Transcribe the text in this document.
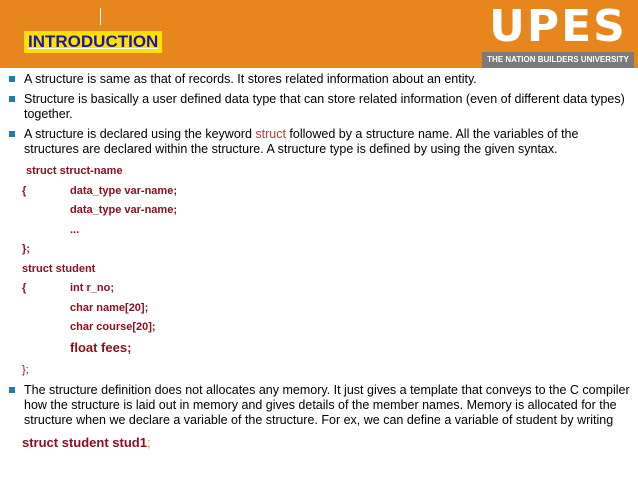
INTRODUCTION	UPES
THE NATION BUILDERS UNIVERSITY
A structure is same as that of records. It stores related information about an entity.
Structure is basically a user defined data type that can store related information (even of different data types) together.
A structure is declared using the keyword struct followed by a structure name. All the variables of the structures are declared within the structure. A structure type is defined by using the given syntax.
struct struct-name
{	data_type var-name;
data_type var-name;
...
};
struct student
{	int r_no;
char name[20];
char course[20];
float fees;
};
The structure definition does not allocates any memory. It just gives a template that conveys to the C compiler how the structure is laid out in memory and gives details of the member names. Memory is allocated for the structure when we declare a variable of the structure. For ex, we can define a variable of student by writing
struct student stud1;
